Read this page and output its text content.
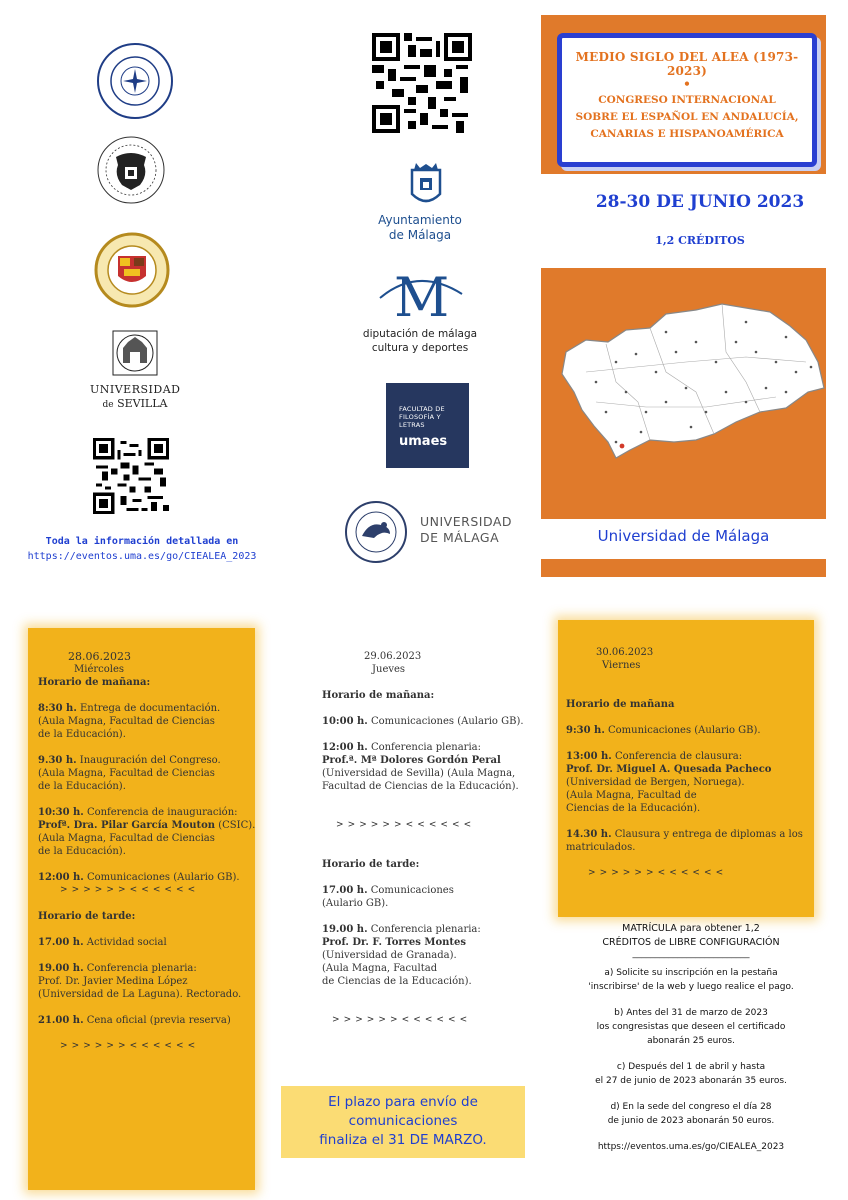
UNIVERSIDAD
de SEVILLA
Toda la información detallada en
https://eventos.uma.es/go/CIEALEA_2023
Ayuntamiento
de Málaga
M
diputación de málaga
cultura y deportes
FACULTAD DE FILOSOFÍA Y LETRAS
umaes
UNIVERSIDAD
DE MÁLAGA
MEDIO SIGLO DEL ALEA (1973-2023)
•
CONGRESO INTERNACIONAL
SOBRE EL ESPAÑOL EN ANDALUCÍA,
CANARIAS E HISPANOAMÉRICA
28-30 DE JUNIO 2023
1,2 CRÉDITOS
Universidad de Málaga
28.06.2023
Miércoles
Horario de mañana:
8:30 h. Entrega de documentación.
(Aula Magna, Facultad de Ciencias
de la Educación).
9.30 h. Inauguración del Congreso.
(Aula Magna, Facultad de Ciencias
de la Educación).
10:30 h. Conferencia de inauguración:
Profª. Dra. Pilar García Mouton (CSIC).
(Aula Magna, Facultad de Ciencias
de la Educación).
12:00 h. Comunicaciones (Aulario GB).
> > > > > > < < < < < <
Horario de tarde:
17.00 h. Actividad social
19.00 h. Conferencia plenaria:
Prof. Dr. Javier Medina López
(Universidad de La Laguna). Rectorado.
21.00 h. Cena oficial (previa reserva)
> > > > > > < < < < < <
29.06.2023
Jueves
Horario de mañana:
10:00 h. Comunicaciones (Aulario GB).
12:00 h. Conferencia plenaria:
Prof.ª. Mª Dolores Gordón Peral
(Universidad de Sevilla) (Aula Magna,
Facultad de Ciencias de la Educación).
> > > > > > < < < < < <
Horario de tarde:
17.00 h. Comunicaciones
(Aulario GB).
19.00 h. Conferencia plenaria:
Prof. Dr. F. Torres Montes
(Universidad de Granada).
(Aula Magna, Facultad
de Ciencias de la Educación).
> > > > > > < < < < < <
El plazo para envío de
comunicaciones
finaliza el 31 DE MARZO.
30.06.2023
Viernes
Horario de mañana
9:30 h. Comunicaciones (Aulario GB).
13:00 h. Conferencia de clausura:
Prof. Dr. Miguel A. Quesada Pacheco
(Universidad de Bergen, Noruega).
(Aula Magna, Facultad de
Ciencias de la Educación).
14.30 h. Clausura y entrega de diplomas a los
matriculados.
> > > > > > < < < < < <
MATRÍCULA para obtener 1,2
CRÉDITOS de LIBRE CONFIGURACIÓN
__________________________
a) Solicite su inscripción en la pestaña
'inscribirse' de la web y luego realice el pago.
b) Antes del 31 de marzo de 2023
los congresistas que deseen el certificado
abonarán 25 euros.
c) Después del 1 de abril y hasta
el 27 de junio de 2023 abonarán 35 euros.
d) En la sede del congreso el día 28
de junio de 2023 abonarán 50 euros.
https://eventos.uma.es/go/CIEALEA_2023
